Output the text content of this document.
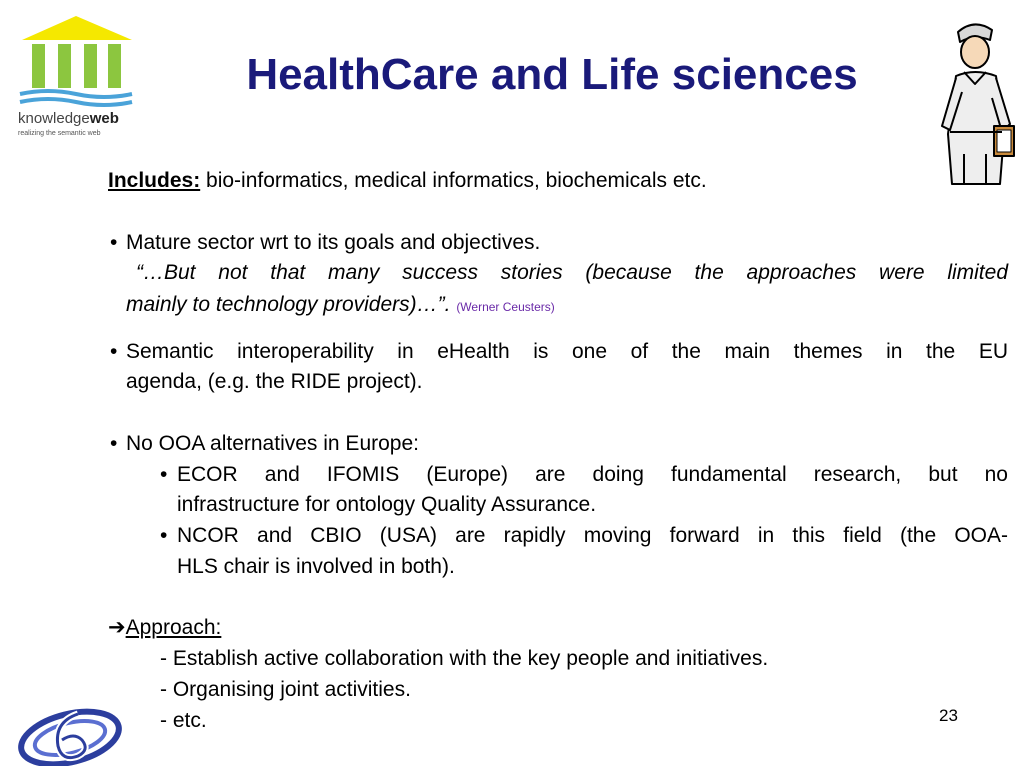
knowledgeweb
realizing the semantic web
HealthCare and Life sciences
Includes: bio-informatics, medical informatics, biochemicals etc.
• Mature sector wrt to its goals and objectives.
“…But not that many success stories (because the approaches were limited
mainly to technology providers)…”. (Werner Ceusters)
• Semantic interoperability in eHealth is one of the main themes in the EU
agenda, (e.g. the RIDE project).
• No OOA alternatives in Europe:
• ECOR and IFOMIS (Europe) are doing fundamental research, but no
infrastructure for ontology Quality Assurance.
• NCOR and CBIO (USA) are rapidly moving forward in this field (the OOA-
HLS chair is involved in both).
➔Approach:
- Establish active collaboration with the key people and initiatives.
- Organising joint activities.
- etc.	23
